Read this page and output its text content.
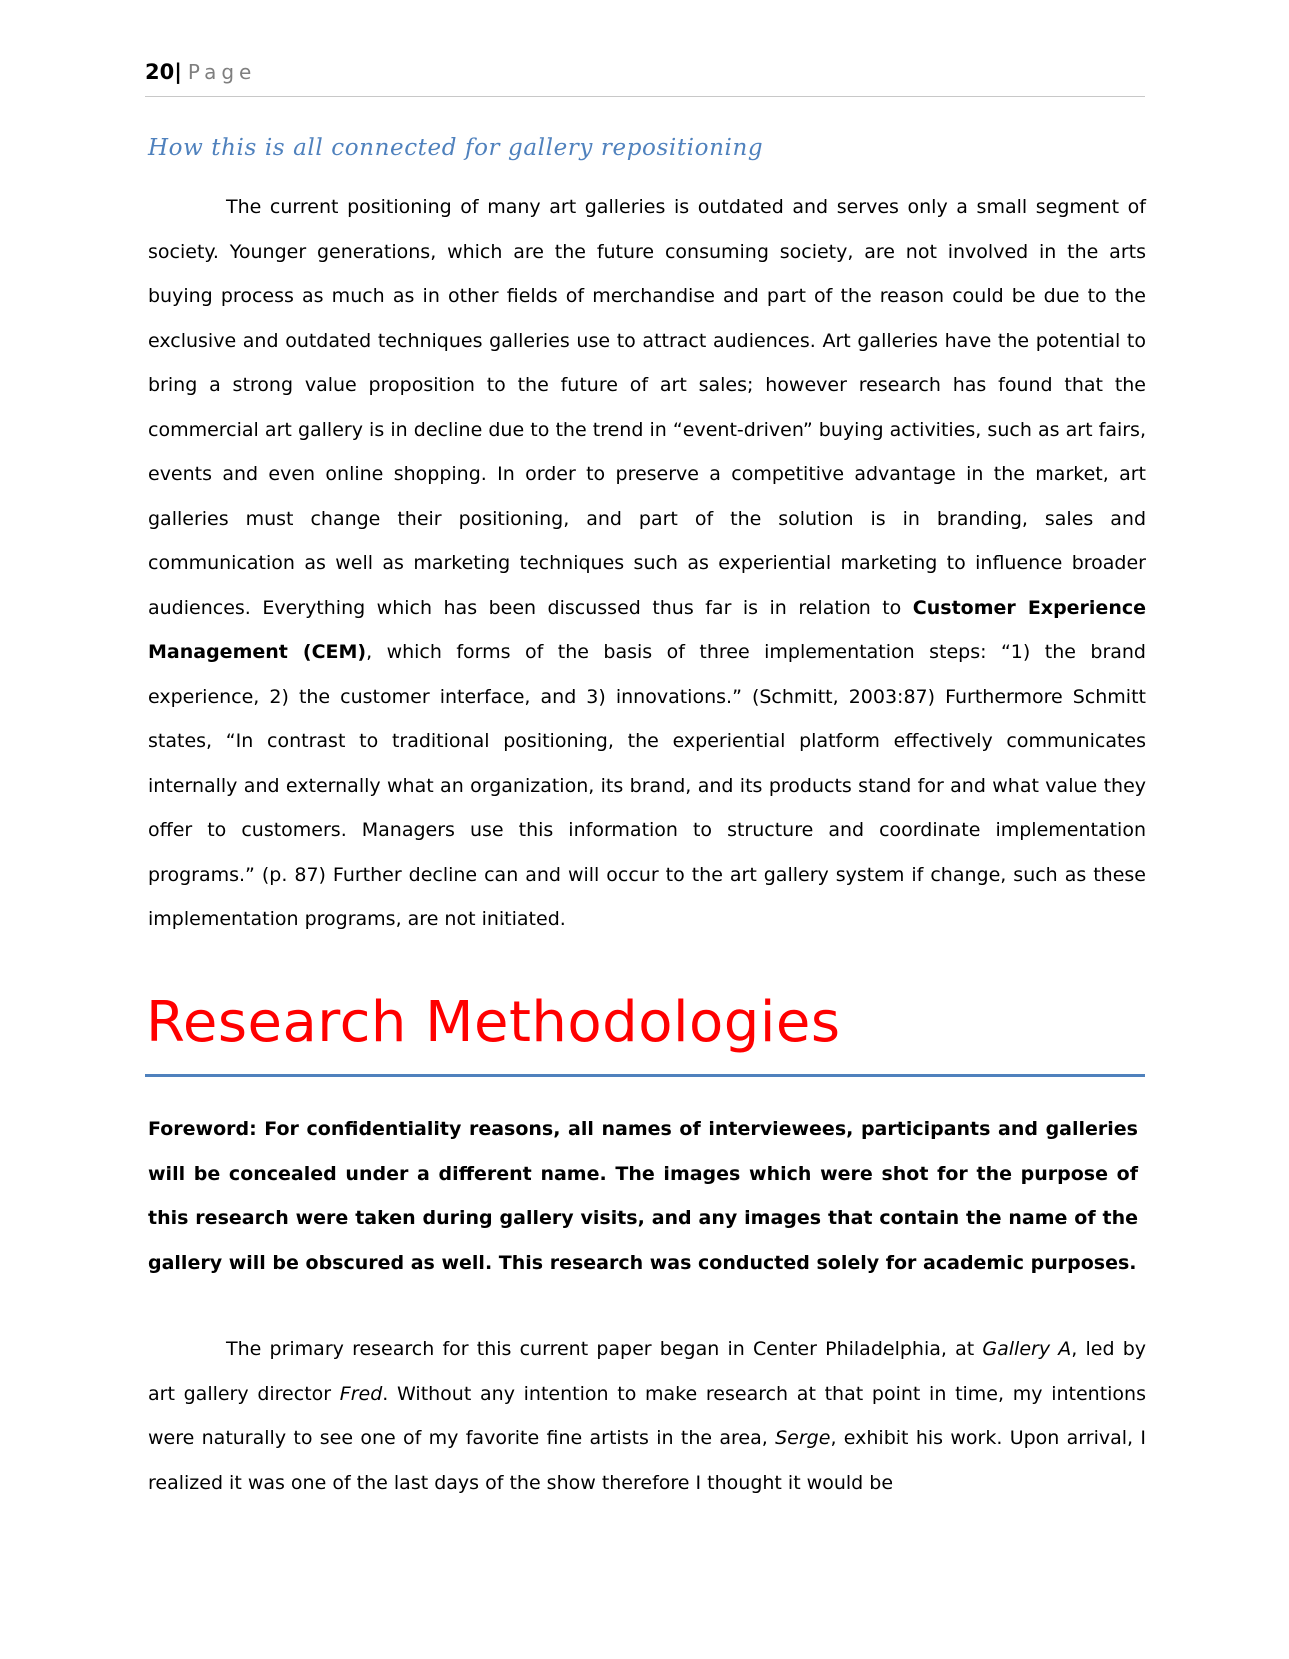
20| Page
How this is all connected for gallery repositioning

The current positioning of many art galleries is outdated and serves only a small segment of society. Younger generations, which are the future consuming society, are not involved in the arts buying process as much as in other fields of merchandise and part of the reason could be due to the exclusive and outdated techniques galleries use to attract audiences. Art galleries have the potential to bring a strong value proposition to the future of art sales; however research has found that the commercial art gallery is in decline due to the trend in “event-driven” buying activities, such as art fairs, events and even online shopping. In order to preserve a competitive advantage in the market, art galleries must change their positioning, and part of the solution is in branding, sales and communication as well as marketing techniques such as experiential marketing to influence broader audiences. Everything which has been discussed thus far is in relation to Customer Experience Management (CEM), which forms of the basis of three implementation steps: “1) the brand experience, 2) the customer interface, and 3) innovations.” (Schmitt, 2003:87) Furthermore Schmitt states, “In contrast to traditional positioning, the experiential platform effectively communicates internally and externally what an organization, its brand, and its products stand for and what value they offer to customers. Managers use this information to structure and coordinate implementation programs.” (p. 87) Further decline can and will occur to the art gallery system if change, such as these implementation programs, are not initiated.

Research Methodologies

Foreword: For confidentiality reasons, all names of interviewees, participants and galleries will be concealed under a different name. The images which were shot for the purpose of this research were taken during gallery visits, and any images that contain the name of the gallery will be obscured as well. This research was conducted solely for academic purposes.

The primary research for this current paper began in Center Philadelphia, at Gallery A, led by art gallery director Fred. Without any intention to make research at that point in time, my intentions were naturally to see one of my favorite fine artists in the area, Serge, exhibit his work. Upon arrival, I realized it was one of the last days of the show therefore I thought it would be
